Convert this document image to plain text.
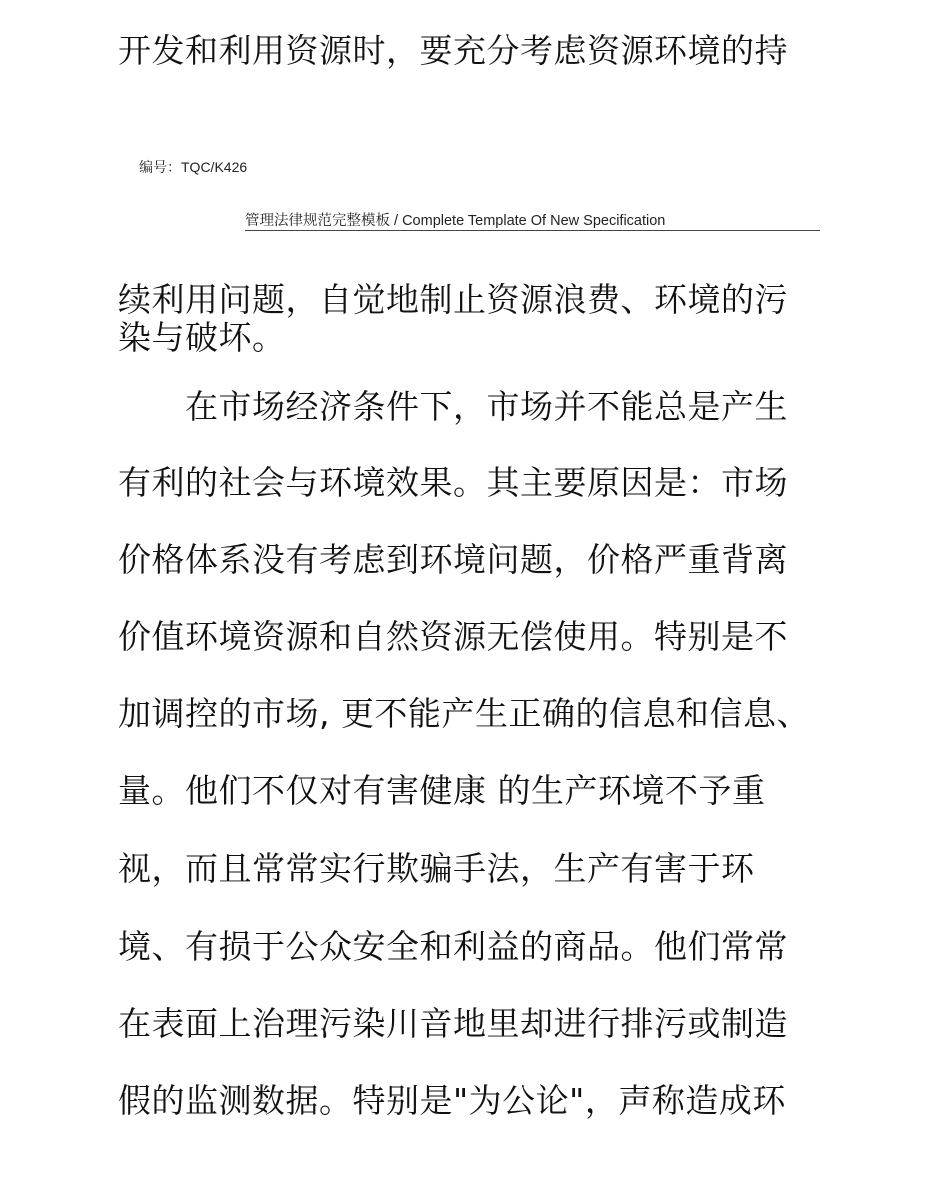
开发和利用资源时，要充分考虑资源环境的持
编号：TQC/K426
管理法律规范完整模板 / Complete Template Of New Specification
续利用问题，自觉地制止资源浪费、环境的污
染与破坏。
　　在市场经济条件下，市场并不能总是产生
有利的社会与环境效果。其主要原因是：市场
价格体系没有考虑到环境问题，价格严重背离
价值环境资源和自然资源无偿使用。特别是不
加调控的市场, 更不能产生正确的信息和信息、
量。他们不仅对有害健康 的生产环境不予重
视，而且常常实行欺骗手法，生产有害于环
境、有损于公众安全和利益的商品。他们常常
在表面上治理污染川音地里却进行排污或制造
假的监测数据。特别是"为公论"，声称造成环
